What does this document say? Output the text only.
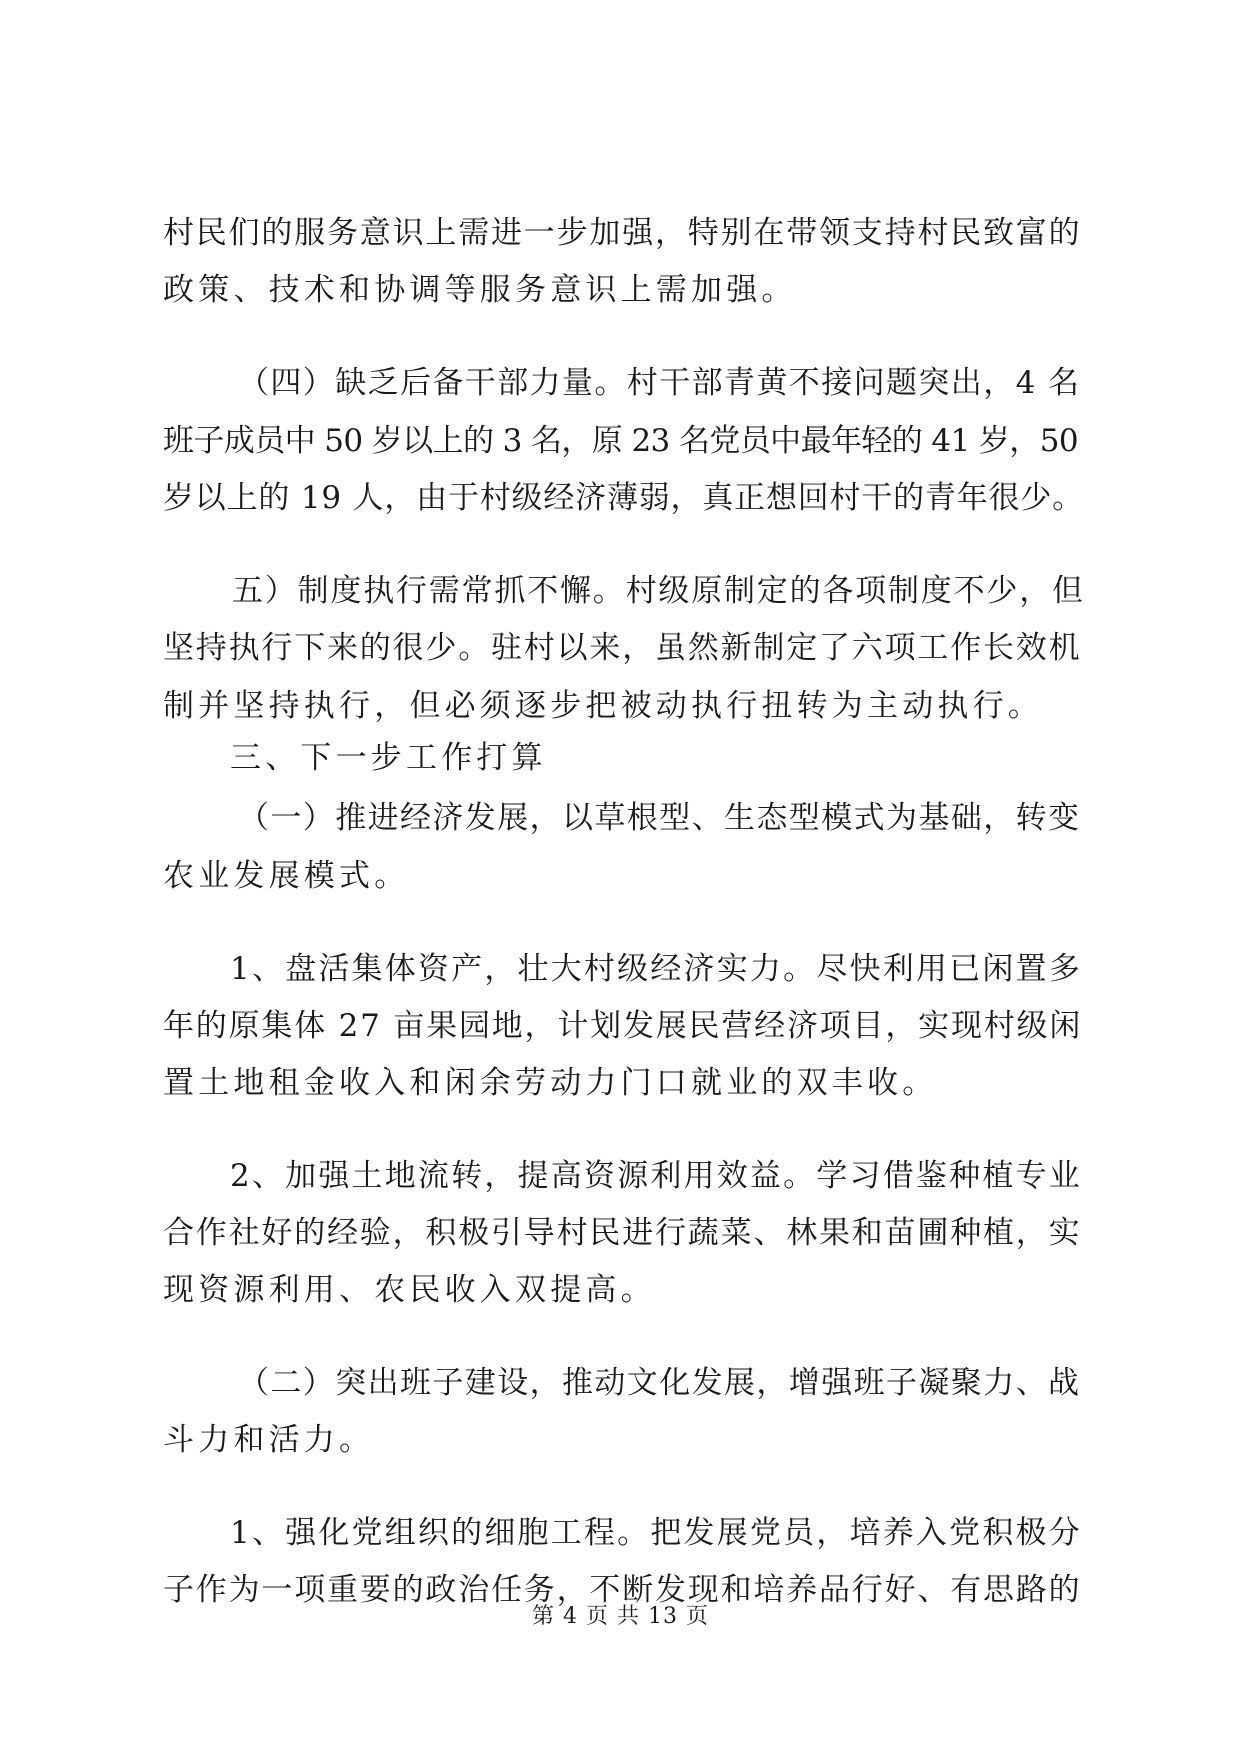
村民们的服务意识上需进一步加强，特别在带领支持村民致富的
政策、技术和协调等服务意识上需加强。
（四）缺乏后备干部力量。村干部青黄不接问题突出，4 名
班子成员中 50 岁以上的 3 名，原 23 名党员中最年轻的 41 岁，50
岁以上的 19 人，由于村级经济薄弱，真正想回村干的青年很少。
五）制度执行需常抓不懈。村级原制定的各项制度不少，但
坚持执行下来的很少。驻村以来，虽然新制定了六项工作长效机
制并坚持执行，但必须逐步把被动执行扭转为主动执行。
三、下一步工作打算
（一）推进经济发展，以草根型、生态型模式为基础，转变
农业发展模式。
1、盘活集体资产，壮大村级经济实力。尽快利用已闲置多
年的原集体 27 亩果园地，计划发展民营经济项目，实现村级闲
置土地租金收入和闲余劳动力门口就业的双丰收。
2、加强土地流转，提高资源利用效益。学习借鉴种植专业
合作社好的经验，积极引导村民进行蔬菜、林果和苗圃种植，实
现资源利用、农民收入双提高。
（二）突出班子建设，推动文化发展，增强班子凝聚力、战
斗力和活力。
1、强化党组织的细胞工程。把发展党员，培养入党积极分
子作为一项重要的政治任务，不断发现和培养品行好、有思路的
第 4 页 共 13 页
